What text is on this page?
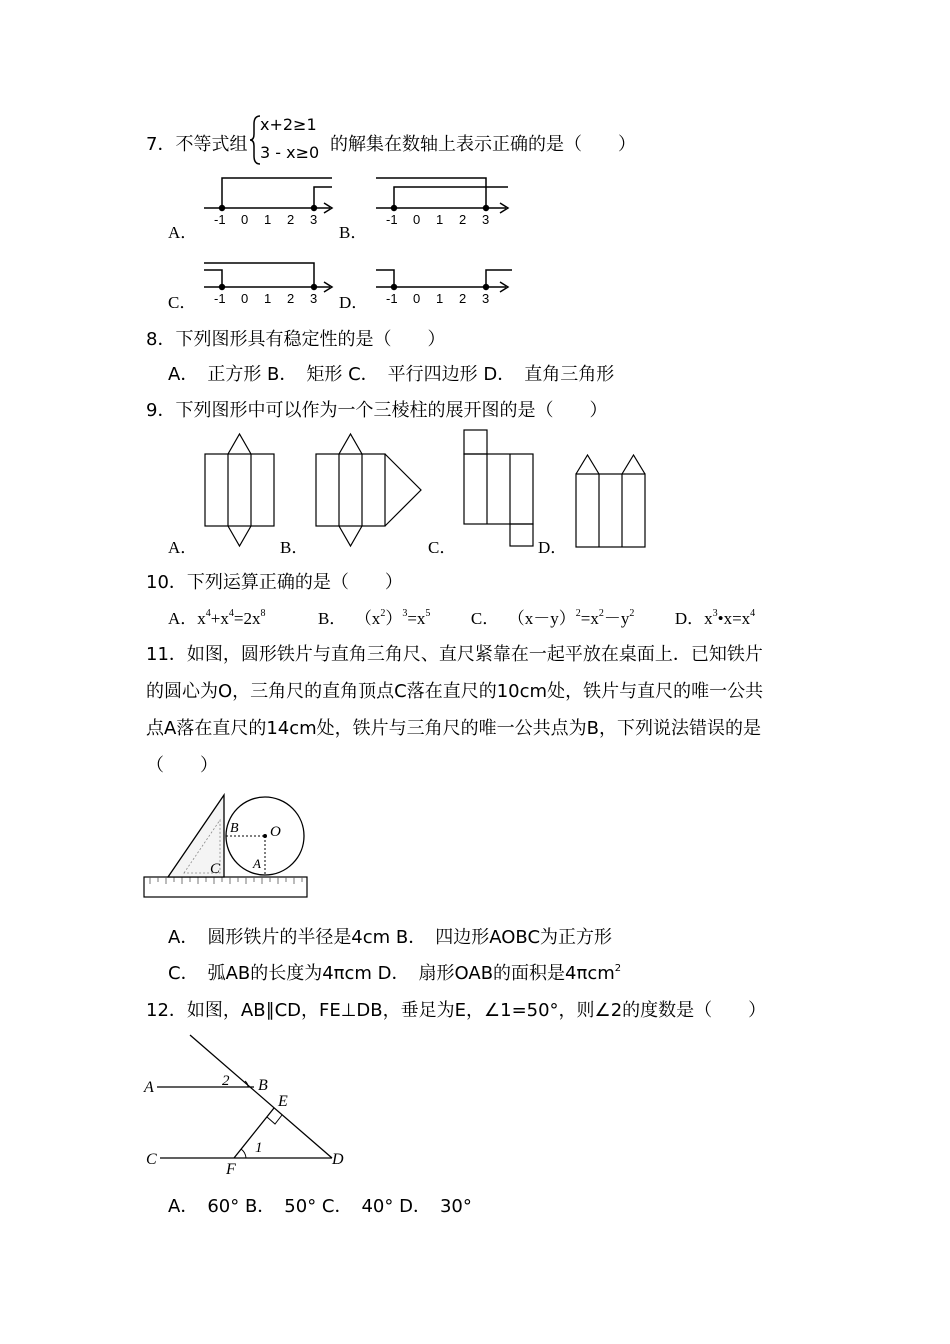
7．不等式组
x+2≥1
3 - x≥0 的解集在数轴上表示正确的是（　　）
A．
-1 0 1 2 3
B．
-1 0 1 2 3
C． -1 0 1 2 3 D． -1 0 1 2 3
8．下列图形具有稳定性的是（　　）
A．　正方形 B．　矩形 C．　平行四边形 D．　直角三角形
9．下列图形中可以作为一个三棱柱的展开图的是（　　）
A．	B．	C．	D．
10．下列运算正确的是（　　）
A．$x^4+x^4=2x^8$	B． $(x^2)^3=x^5$ C． $(x-y)^2=x^2-y^2$ D．$x^3•x=x^4$
11．如图，圆形铁片与直角三角尺、直尺紧靠在一起平放在桌面上．已知铁片
的圆心为O，三角尺的直角顶点C落在直尺的10cm处，铁片与直尺的唯一公共
点A落在直尺的14cm处，铁片与三角尺的唯一公共点为B，下列说法错误的是
（　　）
B O
C	A
A．　圆形铁片的半径是4cm B．　四边形AOBC为正方形
C．　弧AB的长度为4πcm D．　扇形OAB的面积是4πcm$^2$
12．如图，AB∥CD，FE⊥DB，垂足为E，∠1=50°，则∠2的度数是（　　）
A	2 B
E
1
C
F
D
A．　60° B．　50° C．　40° D．　30°
